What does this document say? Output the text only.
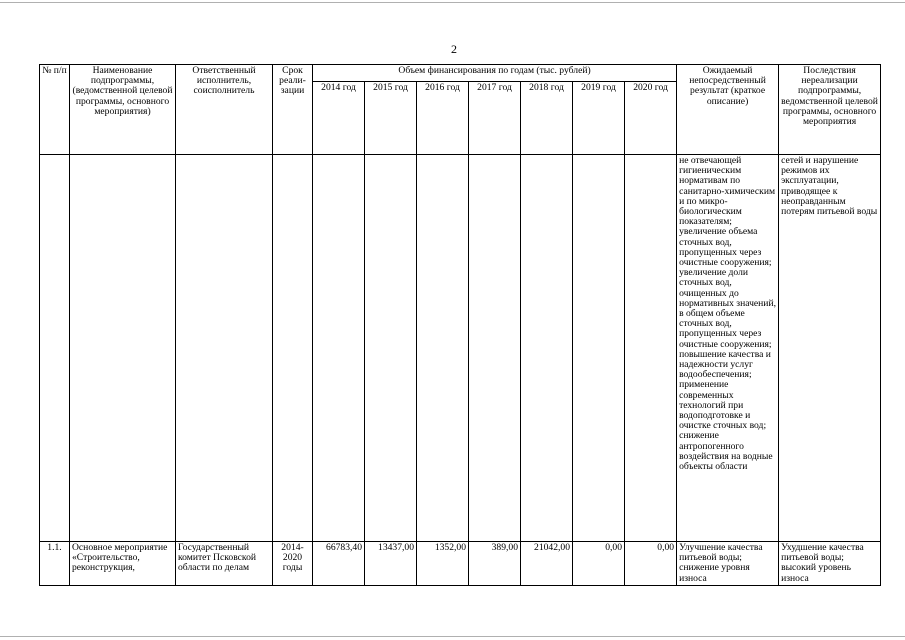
2
№ п/п	Наименование подпрограммы, (ведомственной целевой программы, основного мероприятия)	Ответственный исполнитель, соисполнитель	Срок реали-зации	Объем финансирования по годам (тыс. рублей)							Ожидаемый непосредственный результат (краткое описание)	Последствия нереализации подпрограммы, ведомственной целевой программы, основного мероприятия
				2014 год	2015 год	2016 год	2017 год	2018 год	2019 год	2020 год		
											не отвечающей гигиеническим нормативам по санитарно-химическим и по микро-биологическим показателям; увеличение объема сточных вод, пропущенных через очистные сооружения; увеличение доли сточных вод, очищенных до нормативных значений, в общем объеме сточных вод, пропущенных через очистные сооружения; повышение качества и надежности услуг водообеспечения; применение современных технологий при водоподготовке и очистке сточных вод; снижение антропогенного воздействия на водные объекты области	сетей и нарушение режимов их эксплуатации, приводящее к неоправданным потерям питьевой воды
1.1.	Основное мероприятие «Строительство, реконструкция,	Государственный комитет Псковской области по делам	2014-2020 годы	66783,40	13437,00	1352,00	389,00	21042,00	0,00	0,00	Улучшение качества питьевой воды; снижение уровня износа	Ухудшение качества питьевой воды; высокий уровень износа
